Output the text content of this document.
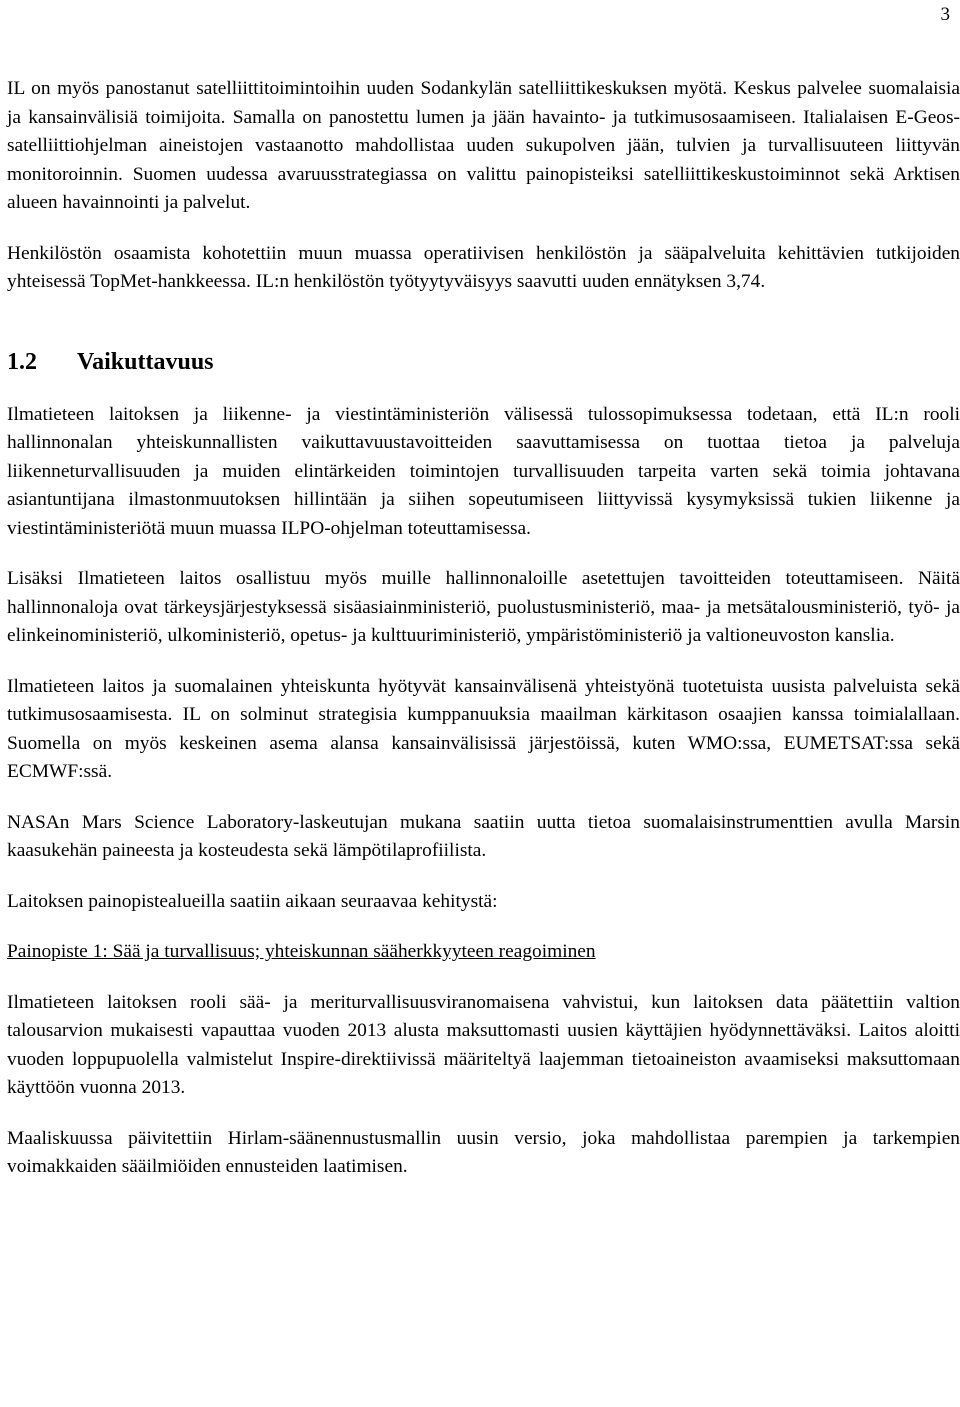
3

IL on myös panostanut satelliittitoimintoihin uuden Sodankylän satelliittikeskuksen myötä. Keskus palvelee suomalaisia ja kansainvälisiä toimijoita. Samalla on panostettu lumen ja jään havainto- ja tutkimusosaamiseen. Italialaisen E-Geos-satelliittiohjelman aineistojen vastaanotto mahdollistaa uuden sukupolven jään, tulvien ja turvallisuuteen liittyvän monitoroinnin. Suomen uudessa avaruusstrategiassa on valittu painopisteiksi satelliittikeskustoiminnot sekä Arktisen alueen havainnointi ja palvelut.

Henkilöstön osaamista kohotettiin muun muassa operatiivisen henkilöstön ja sääpalveluita kehittävien tutkijoiden yhteisessä TopMet-hankkeessa. IL:n henkilöstön työtyytyväisyys saavutti uuden ennätyksen 3,74.

1.2	Vaikuttavuus

Ilmatieteen laitoksen ja liikenne- ja viestintäministeriön välisessä tulossopimuksessa todetaan, että IL:n rooli hallinnonalan yhteiskunnallisten vaikuttavuustavoitteiden saavuttamisessa on tuottaa tietoa ja palveluja liikenneturvallisuuden ja muiden elintärkeiden toimintojen turvallisuuden tarpeita varten sekä toimia johtavana asiantuntijana ilmastonmuutoksen hillintään ja siihen sopeutumiseen liittyvissä kysymyksissä tukien liikenne ja viestintäministeriötä muun muassa ILPO-ohjelman toteuttamisessa.

Lisäksi Ilmatieteen laitos osallistuu myös muille hallinnonaloille asetettujen tavoitteiden toteuttamiseen. Näitä hallinnonaloja ovat tärkeysjärjestyksessä sisäasiainministeriö, puolustusministeriö, maa- ja metsätalousministeriö, työ- ja elinkeinoministeriö, ulkoministeriö, opetus- ja kulttuuriministeriö, ympäristöministeriö ja valtioneuvoston kanslia.

Ilmatieteen laitos ja suomalainen yhteiskunta hyötyvät kansainvälisenä yhteistyönä tuotetuista uusista palveluista sekä tutkimusosaamisesta. IL on solminut strategisia kumppanuuksia maailman kärkitason osaajien kanssa toimialallaan. Suomella on myös keskeinen asema alansa kansainvälisissä järjestöissä, kuten WMO:ssa, EUMETSAT:ssa sekä ECMWF:ssä.

NASAn Mars Science Laboratory-laskeutujan mukana saatiin uutta tietoa suomalaisinstrumenttien avulla Marsin kaasukehän paineesta ja kosteudesta sekä lämpötilaprofiilista.

Laitoksen painopistealueilla saatiin aikaan seuraavaa kehitystä:

Painopiste 1: Sää ja turvallisuus; yhteiskunnan sääherkkyyteen reagoiminen

Ilmatieteen laitoksen rooli sää- ja meriturvallisuusviranomaisena vahvistui, kun laitoksen data päätettiin valtion talousarvion mukaisesti vapauttaa vuoden 2013 alusta maksuttomasti uusien käyttäjien hyödynnettäväksi. Laitos aloitti vuoden loppupuolella valmistelut Inspire-direktiivissä määriteltyä laajemman tietoaineiston avaamiseksi maksuttomaan käyttöön vuonna 2013.

Maaliskuussa päivitettiin Hirlam-säänennustusmallin uusin versio, joka mahdollistaa parempien ja tarkempien voimakkaiden sääilmiöiden ennusteiden laatimisen.
